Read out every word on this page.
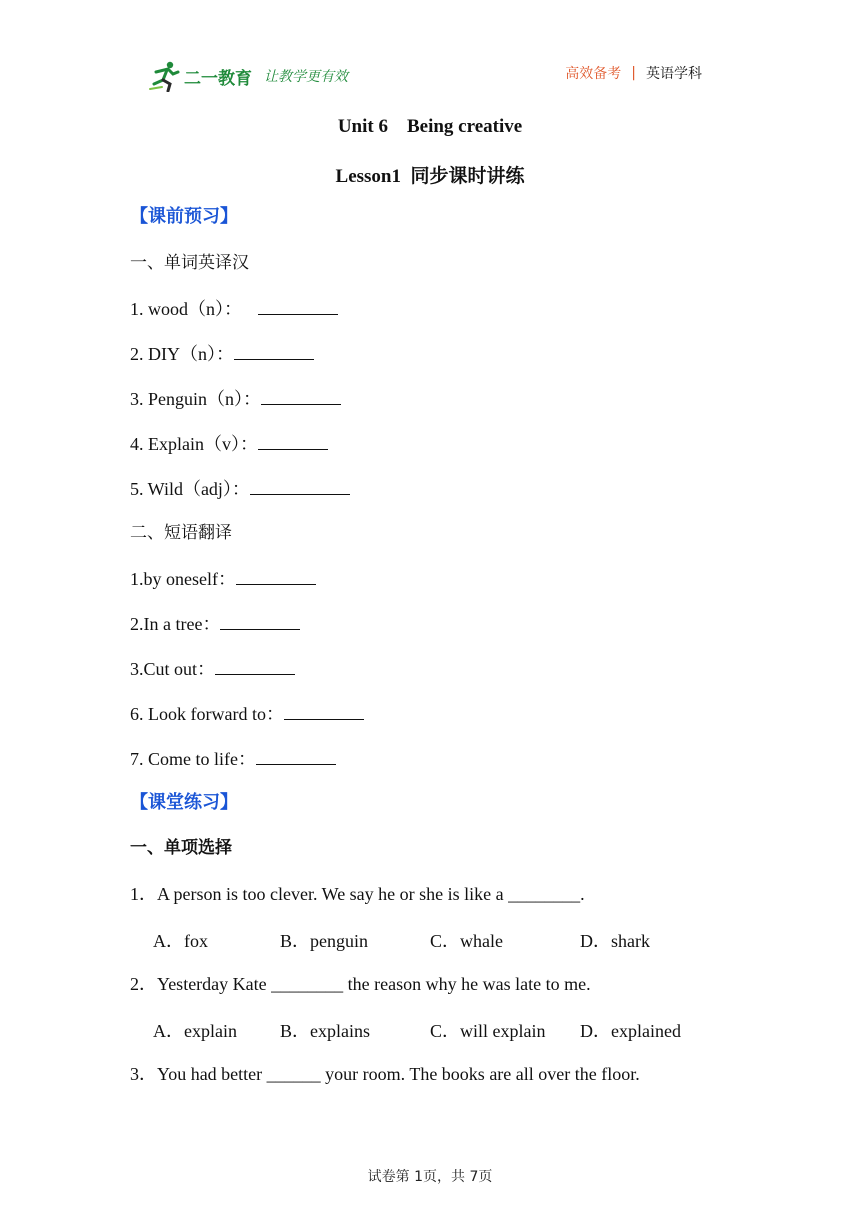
二一教育 让教学更有效	高效备考 | 英语学科
Unit 6    Being creative
Lesson1  同步课时讲练
【课前预习】
一、单词英译汉
1. wood（n）：
2. DIY（n）：
3. Penguin（n）：
4. Explain（v）：
5. Wild（adj）：
二、短语翻译
1.by oneself：
2.In a tree：
3.Cut out：
6. Look forward to：
7. Come to life：
【课堂练习】
一、单项选择
1．A person is too clever. We say he or she is like a ________.
A．fox	B．penguin	C．whale	D．shark
2．Yesterday Kate ________ the reason why he was late to me.
A．explain B．explains	C．will explain D．explained
3．You had better ______ your room. The books are all over the floor.
试卷第 1页，共 7页
